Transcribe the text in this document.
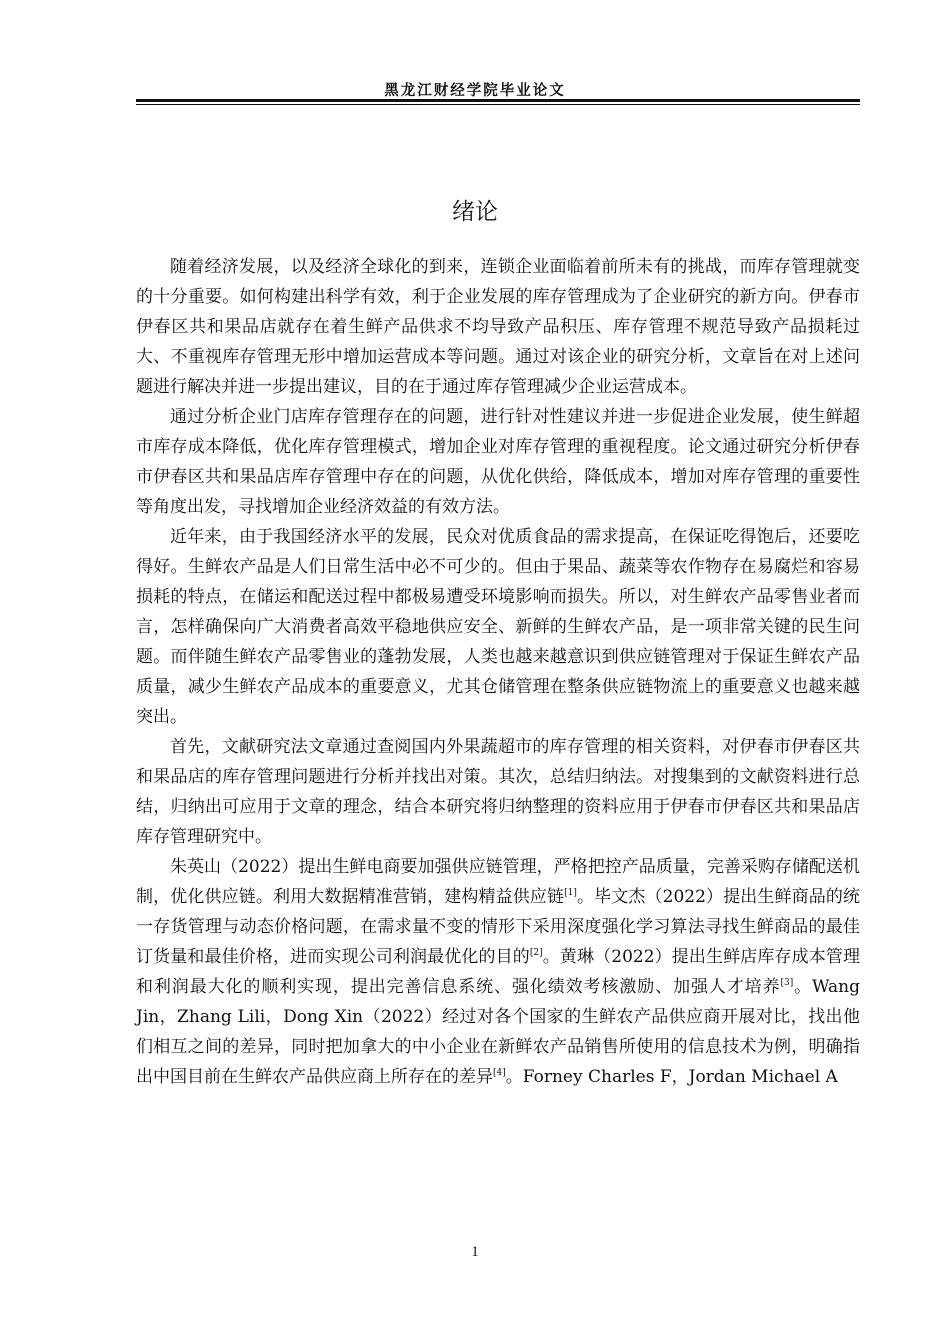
黑龙江财经学院毕业论文
绪论

随着经济发展，以及经济全球化的到来，连锁企业面临着前所未有的挑战，而库存管理就变的十分重要。如何构建出科学有效，利于企业发展的库存管理成为了企业研究的新方向。伊春市伊春区共和果品店就存在着生鲜产品供求不均导致产品积压、库存管理不规范导致产品损耗过大、不重视库存管理无形中增加运营成本等问题。通过对该企业的研究分析，文章旨在对上述问题进行解决并进一步提出建议，目的在于通过库存管理减少企业运营成本。

通过分析企业门店库存管理存在的问题，进行针对性建议并进一步促进企业发展，使生鲜超市库存成本降低，优化库存管理模式，增加企业对库存管理的重视程度。论文通过研究分析伊春市伊春区共和果品店库存管理中存在的问题，从优化供给，降低成本，增加对库存管理的重要性等角度出发，寻找增加企业经济效益的有效方法。

近年来，由于我国经济水平的发展，民众对优质食品的需求提高，在保证吃得饱后，还要吃得好。生鲜农产品是人们日常生活中必不可少的。但由于果品、蔬菜等农作物存在易腐烂和容易损耗的特点，在储运和配送过程中都极易遭受环境影响而损失。所以，对生鲜农产品零售业者而言，怎样确保向广大消费者高效平稳地供应安全、新鲜的生鲜农产品，是一项非常关键的民生问题。而伴随生鲜农产品零售业的蓬勃发展，人类也越来越意识到供应链管理对于保证生鲜农产品质量，减少生鲜农产品成本的重要意义，尤其仓储管理在整条供应链物流上的重要意义也越来越突出。

首先，文献研究法文章通过查阅国内外果蔬超市的库存管理的相关资料，对伊春市伊春区共和果品店的库存管理问题进行分析并找出对策。其次，总结归纳法。对搜集到的文献资料进行总结，归纳出可应用于文章的理念，结合本研究将归纳整理的资料应用于伊春市伊春区共和果品店库存管理研究中。

朱英山（2022）提出生鲜电商要加强供应链管理，严格把控产品质量，完善采购存储配送机制，优化供应链。利用大数据精准营销，建构精益供应链[1]。毕文杰（2022）提出生鲜商品的统一存货管理与动态价格问题，在需求量不变的情形下采用深度强化学习算法寻找生鲜商品的最佳订货量和最佳价格，进而实现公司利润最优化的目的[2]。黄琳（2022）提出生鲜店库存成本管理和利润最大化的顺利实现，提出完善信息系统、强化绩效考核激励、加强人才培养[3]。Wang Jin，Zhang Lili，Dong Xin（2022）经过对各个国家的生鲜农产品供应商开展对比，找出他们相互之间的差异，同时把加拿大的中小企业在新鲜农产品销售所使用的信息技术为例，明确指出中国目前在生鲜农产品供应商上所存在的差异[4]。Forney Charles F，Jordan Michael A

1
